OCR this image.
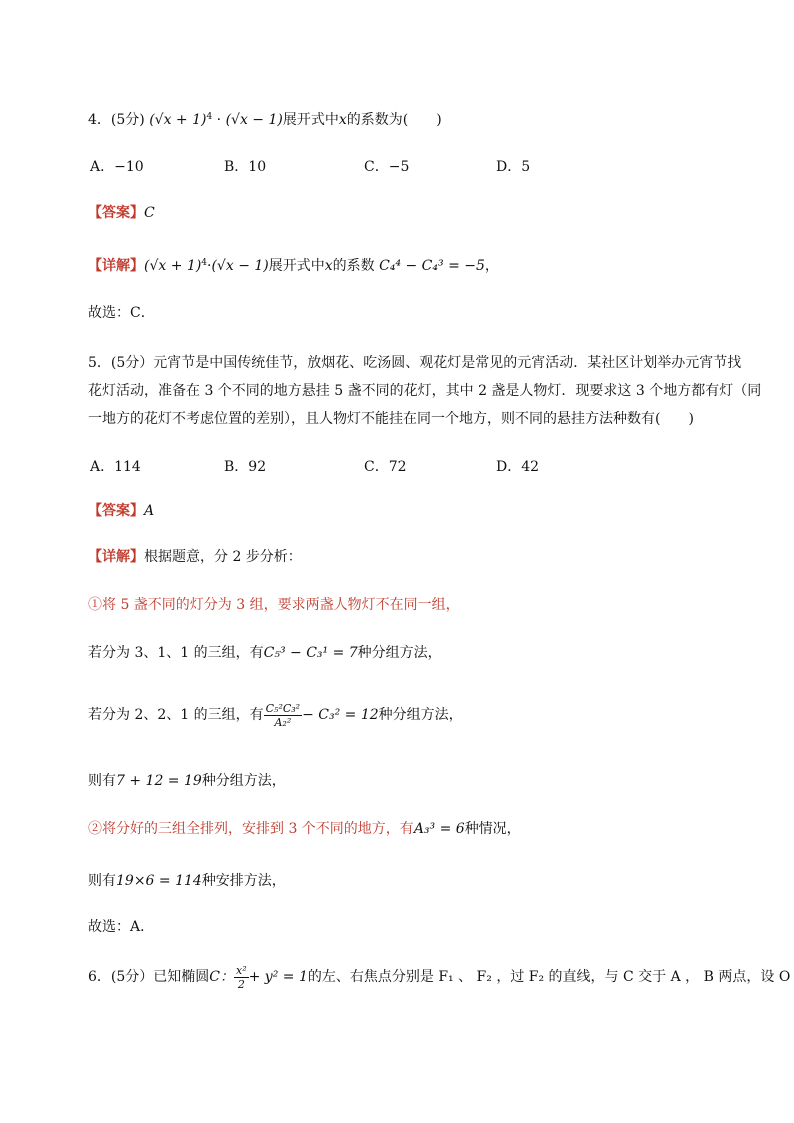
4．(5分) $(√x + 1)^4 \cdot (√x - 1)$展开式中x的系数为(　　)
A．−10	B．10	C．−5	D．5
【答案】C
【详解】$(√x + 1)^4\cdot(√x - 1)$展开式中x的系数 C₄⁴ − C₄³ = −5，
故选：C．
5．(5分）元宵节是中国传统佳节，放烟花、吃汤圆、观花灯是常见的元宵活动．某社区计划举办元宵节找
花灯活动，准备在 3 个不同的地方悬挂 5 盏不同的花灯，其中 2 盏是人物灯．现要求这 3 个地方都有灯（同
一地方的花灯不考虑位置的差别），且人物灯不能挂在同一个地方，则不同的悬挂方法种数有(　　)
A．114	B．92	C．72	D．42
【答案】A
【详解】根据题意，分 2 步分析：
①将 5 盏不同的灯分为 3 组，要求两盏人物灯不在同一组，
若分为 3、1、1 的三组，有C₅³ − C₃¹ = 7种分组方法，
若分为 2、2、1 的三组，有 $\frac{\text{C₅²C₃²}}{\text{A₂²}} - C_3^2 = 12$种分组方法，
则有7 + 12 = 19种分组方法，
②将分好的三组全排列，安排到 3 个不同的地方，有A₃³ = 6种情况，
则有19×6 = 114种安排方法，
故选：A．
6．(5分）已知椭圆C： $\frac{\text{x²}}{2} + y^2 = 1$的左、右焦点分别是 F₁ 、 F₂ ，过 F₂ 的直线，与 C 交于 A ， B 两点，设 O
